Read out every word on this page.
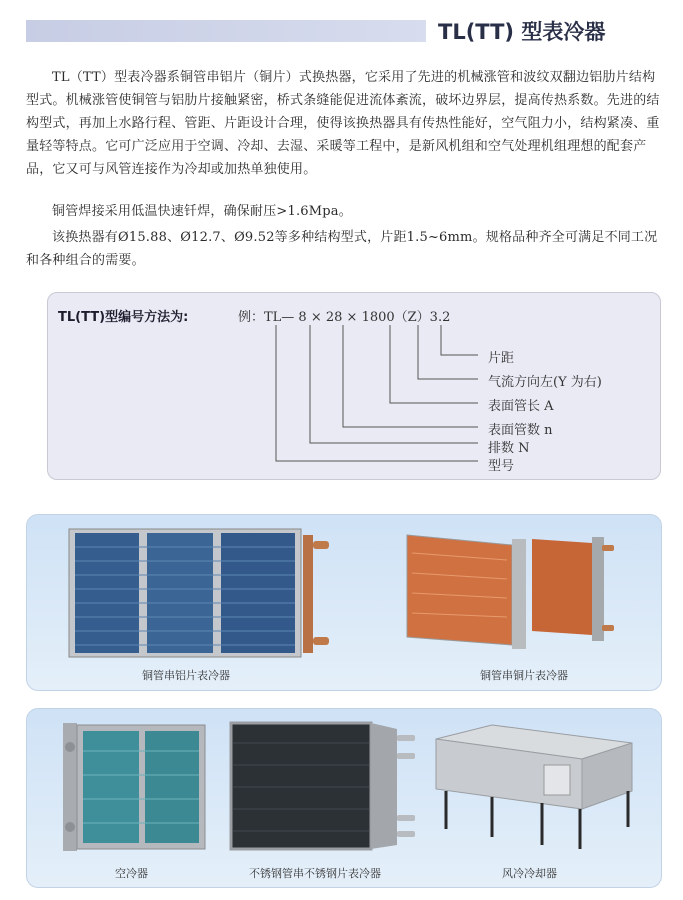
TL(TT) 型表冷器

TL（TT）型表冷器系铜管串铝片（铜片）式换热器，它采用了先进的机械涨管和波纹双翻边铝肋片结构型式。机械涨管使铜管与铝肋片接触紧密，桥式条缝能促进流体紊流，破坏边界层，提高传热系数。先进的结构型式，再加上水路行程、管距、片距设计合理，使得该换热器具有传热性能好，空气阻力小，结构紧凑、重量轻等特点。它可广泛应用于空调、冷却、去湿、采暖等工程中，是新风机组和空气处理机组理想的配套产品，它又可与风管连接作为冷却或加热单独使用。

铜管焊接采用低温快速钎焊，确保耐压>1.6Mpa。

该换热器有Ø15.88、Ø12.7、Ø9.52等多种结构型式，片距1.5~6mm。规格品种齐全可满足不同工况和各种组合的需要。

TL(TT)型编号方法为:	例：TL— 8 × 28 × 1800（Z）3.2
片距
气流方向左(Y 为右)
表面管长 A
表面管数 n
排数 N
型号
铜管串铝片表冷器	铜管串铜片表冷器
空冷器	不锈钢管串不锈钢片表冷器	风冷冷却器
